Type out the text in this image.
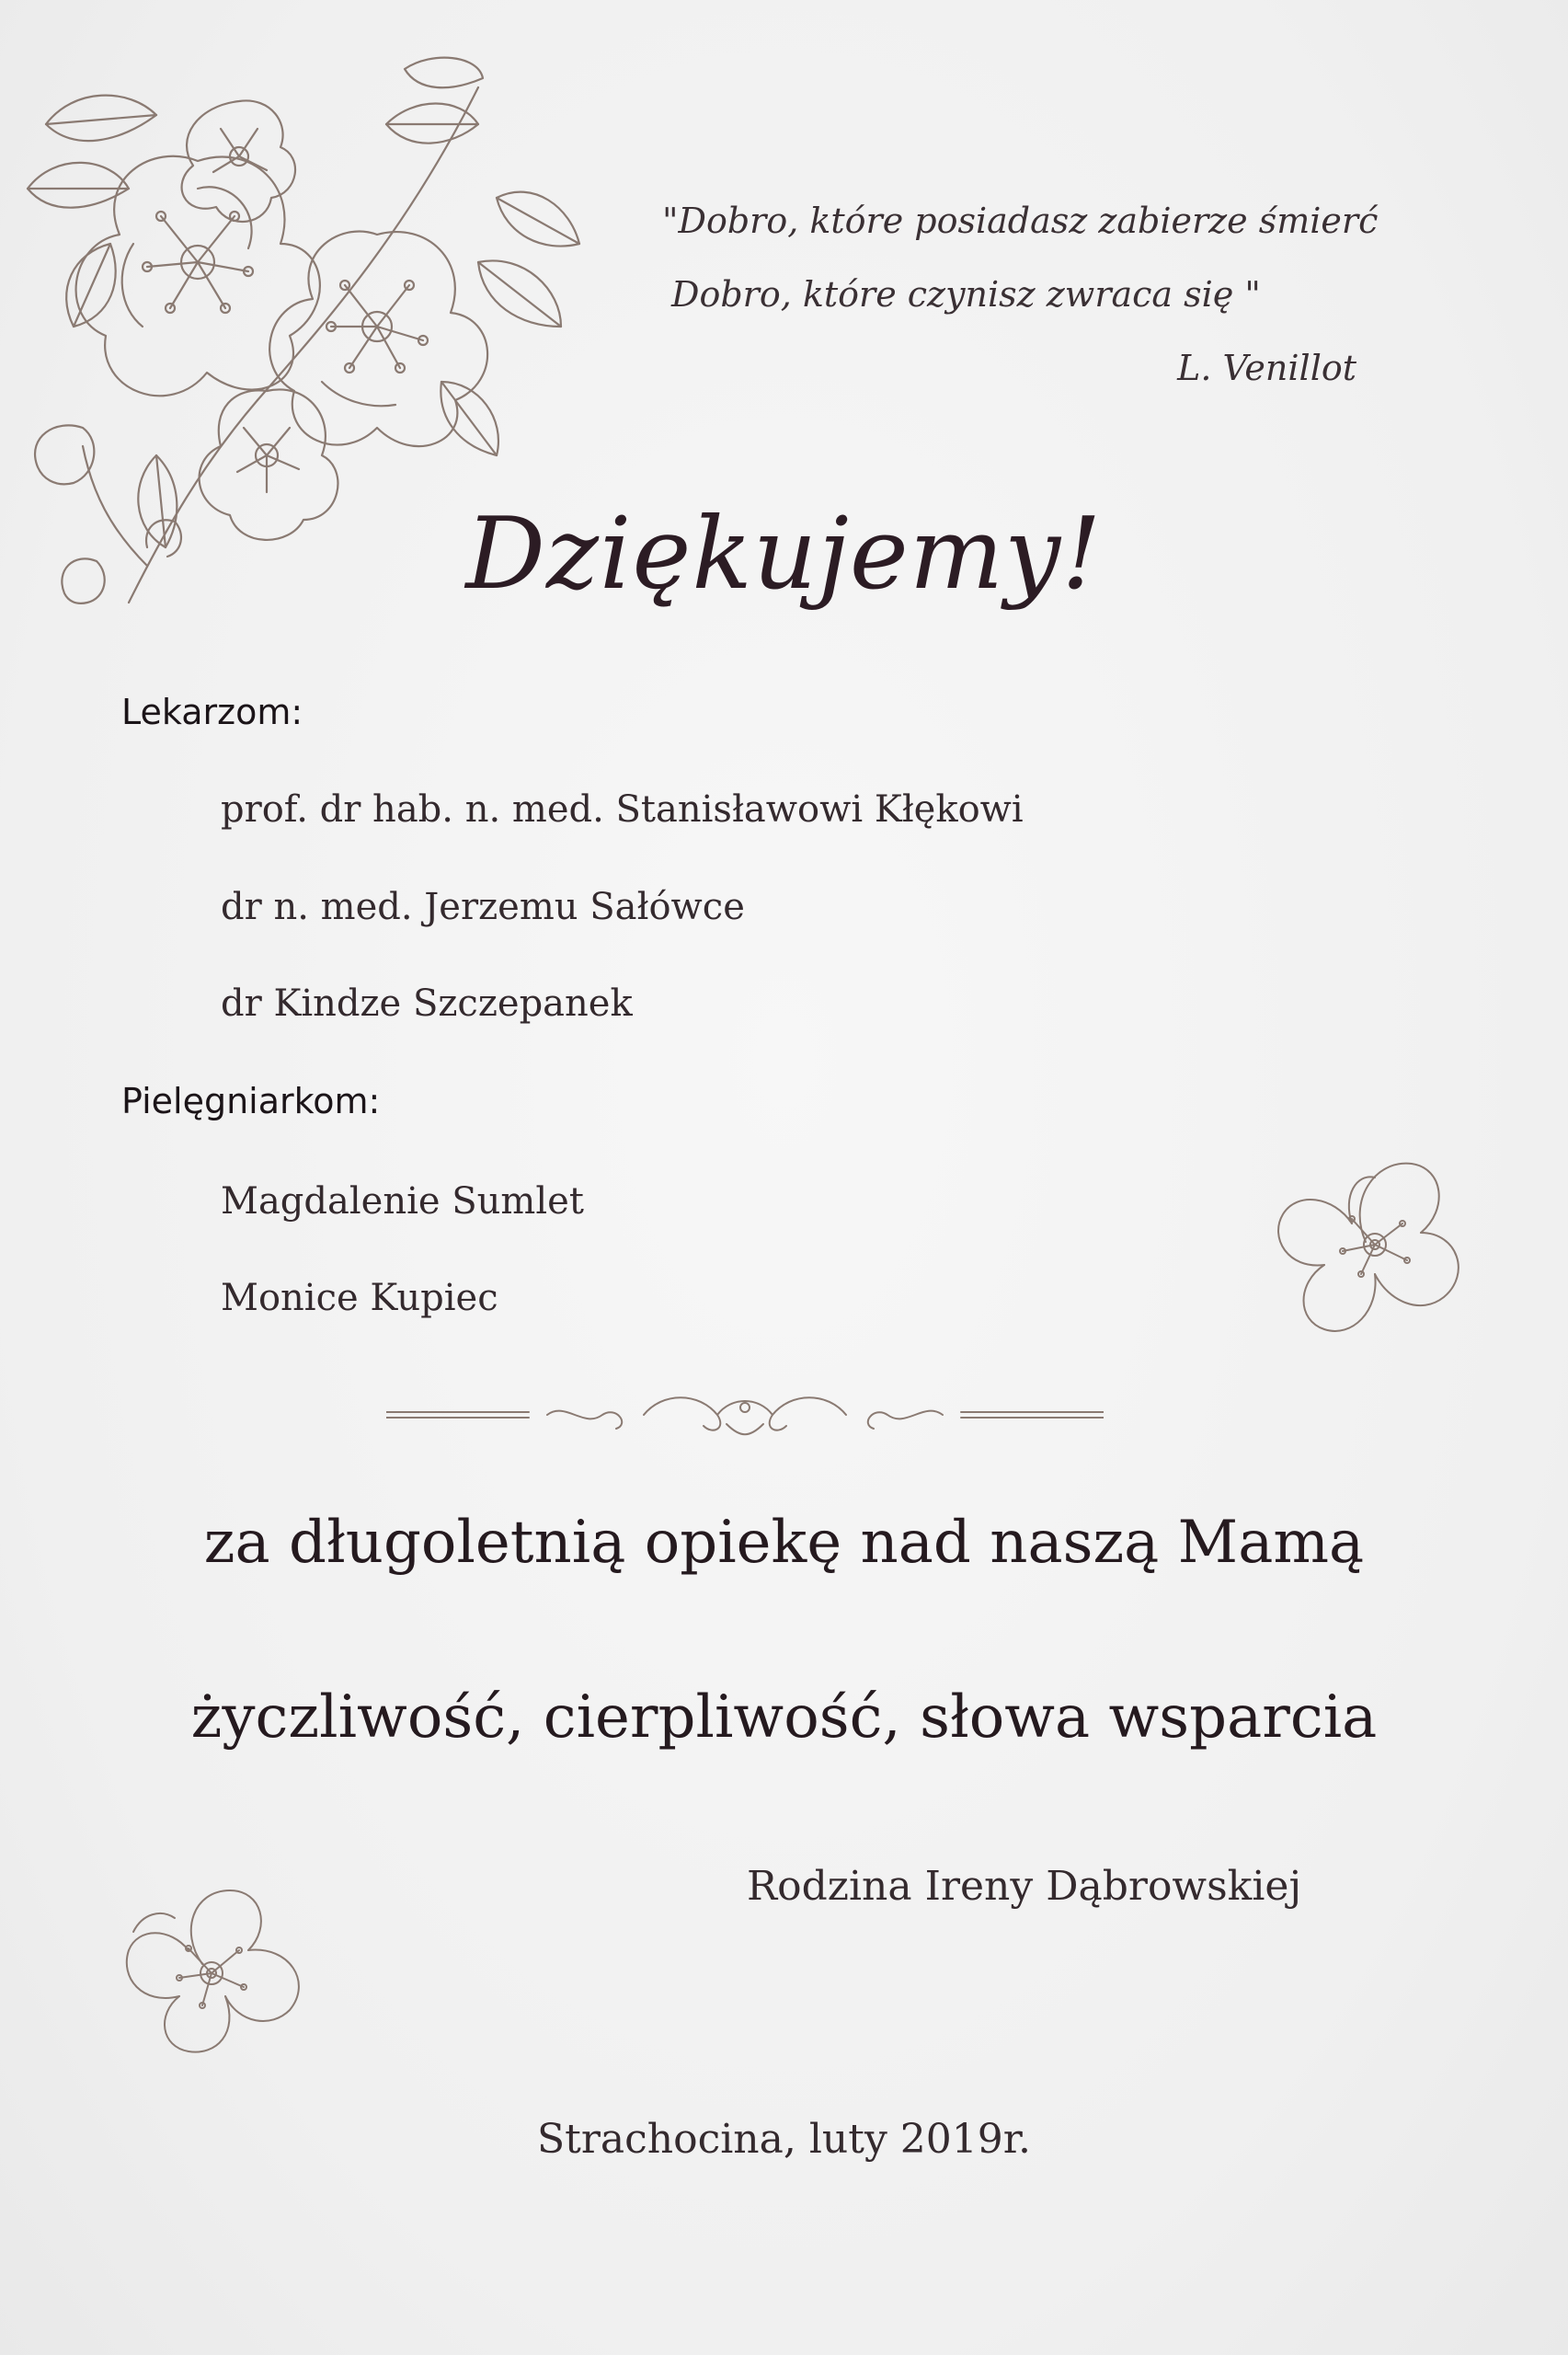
"Dobro, które posiadasz zabierze śmierć
Dobro, które czynisz zwraca się "
L. Venillot
Dziękujemy!
Lekarzom:
prof. dr hab. n. med. Stanisławowi Kłękowi
dr n. med. Jerzemu Sałówce
dr Kindze Szczepanek
Pielęgniarkom:
Magdalenie Sumlet
Monice Kupiec
za długoletnią opiekę nad naszą Mamą
życzliwość, cierpliwość, słowa wsparcia
Rodzina Ireny Dąbrowskiej
Strachocina, luty 2019r.
